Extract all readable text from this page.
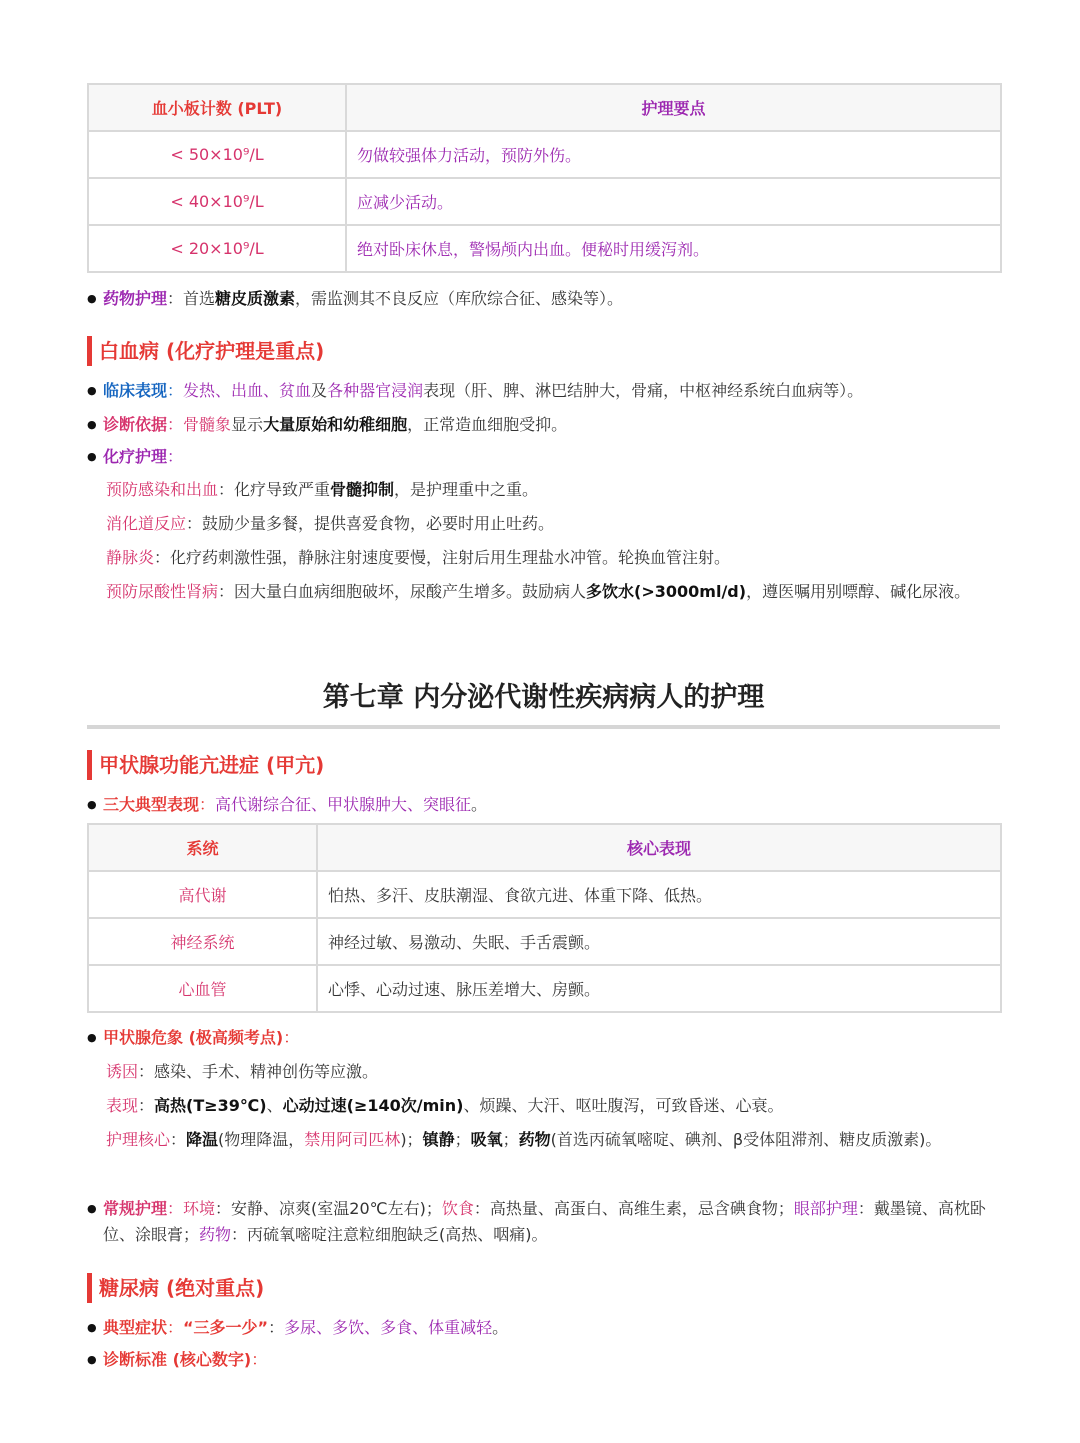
血小板计数 (PLT)	护理要点
< 50×10⁹/L	勿做较强体力活动，预防外伤。
< 40×10⁹/L	应减少活动。
< 20×10⁹/L	绝对卧床休息，警惕颅内出血。便秘时用缓泻剂。
● 药物护理：首选糖皮质激素，需监测其不良反应（库欣综合征、感染等）。
白血病 (化疗护理是重点)
● 临床表现：发热、出血、贫血及各种器官浸润表现（肝、脾、淋巴结肿大，骨痛，中枢神经系统白血病等）。
● 诊断依据：骨髓象显示大量原始和幼稚细胞，正常造血细胞受抑。
● 化疗护理：
预防感染和出血：化疗导致严重骨髓抑制，是护理重中之重。
消化道反应：鼓励少量多餐，提供喜爱食物，必要时用止吐药。
静脉炎：化疗药刺激性强，静脉注射速度要慢，注射后用生理盐水冲管。轮换血管注射。
预防尿酸性肾病：因大量白血病细胞破坏，尿酸产生增多。鼓励病人多饮水(>3000ml/d)，遵医嘱用别嘌醇、碱化尿液。
第七章 内分泌代谢性疾病病人的护理
甲状腺功能亢进症 (甲亢)
● 三大典型表现：高代谢综合征、甲状腺肿大、突眼征。
系统	核心表现
高代谢	怕热、多汗、皮肤潮湿、食欲亢进、体重下降、低热。
神经系统	神经过敏、易激动、失眠、手舌震颤。
心血管	心悸、心动过速、脉压差增大、房颤。
● 甲状腺危象 (极高频考点)：
诱因：感染、手术、精神创伤等应激。
表现：高热(T≥39℃)、心动过速(≥140次/min)、烦躁、大汗、呕吐腹泻，可致昏迷、心衰。
护理核心：降温(物理降温，禁用阿司匹林)；镇静；吸氧；药物(首选丙硫氧嘧啶、碘剂、β受体阻滞剂、糖皮质激素)。
● 常规护理：环境：安静、凉爽(室温20℃左右)；饮食：高热量、高蛋白、高维生素，忌含碘食物；眼部护理：戴墨镜、高枕卧位、涂眼膏；药物：丙硫氧嘧啶注意粒细胞缺乏(高热、咽痛)。
糖尿病 (绝对重点)
● 典型症状：“三多一少”：多尿、多饮、多食、体重减轻。
● 诊断标准 (核心数字)：
